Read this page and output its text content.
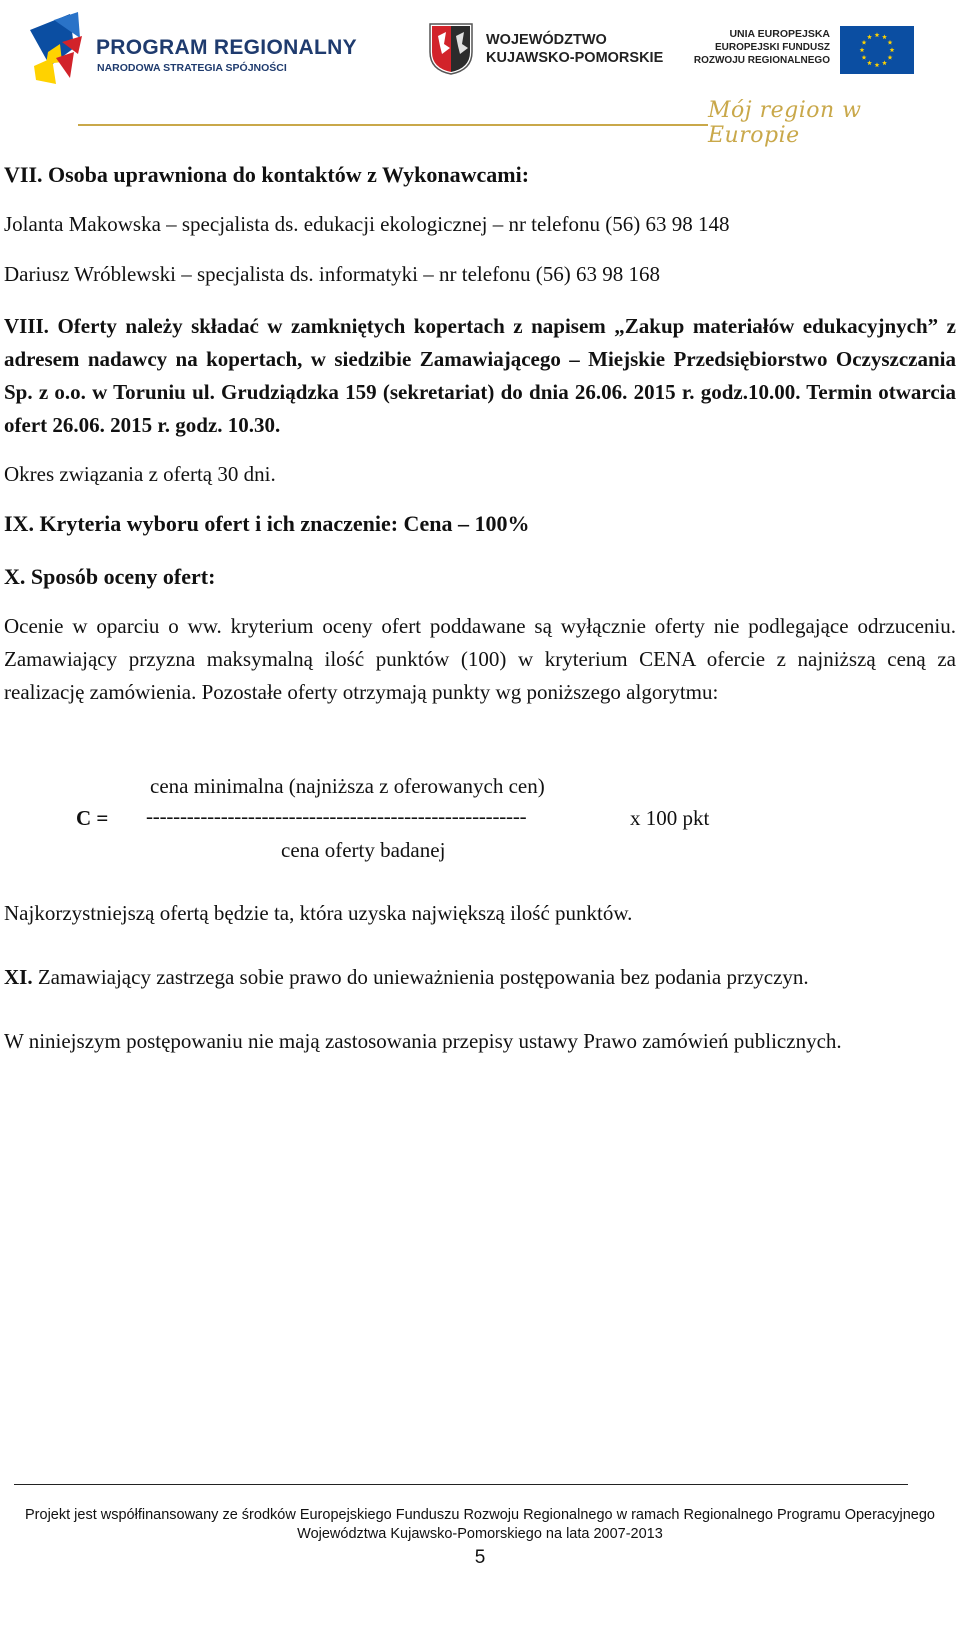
PROGRAM REGIONALNY
NARODOWA STRATEGIA SPÓJNOŚCI
WOJEWÓDZTWO
KUJAWSKO-POMORSKIE
UNIA EUROPEJSKA
EUROPEJSKI FUNDUSZ
ROZWOJU REGIONALNEGO
Mój region w Europie
VII. Osoba uprawniona do kontaktów z Wykonawcami:
Jolanta Makowska – specjalista ds. edukacji ekologicznej – nr telefonu (56) 63 98 148
Dariusz Wróblewski – specjalista ds. informatyki – nr telefonu (56) 63 98 168
VIII. Oferty należy składać w zamkniętych kopertach z napisem „Zakup materiałów edukacyjnych” z adresem nadawcy na kopertach, w siedzibie Zamawiającego – Miejskie Przedsiębiorstwo Oczyszczania Sp. z o.o. w Toruniu ul. Grudziądzka 159 (sekretariat) do dnia 26.06. 2015 r. godz.10.00. Termin otwarcia ofert 26.06. 2015 r. godz. 10.30.
Okres związania z ofertą 30 dni.
IX. Kryteria wyboru ofert i ich znaczenie: Cena – 100%
X. Sposób oceny ofert:
Ocenie w oparciu o ww. kryterium oceny ofert poddawane są wyłącznie oferty nie podlegające odrzuceniu. Zamawiający przyzna maksymalną ilość punktów (100) w kryterium CENA ofercie z najniższą ceną za realizację zamówienia. Pozostałe oferty otrzymają punkty wg poniższego algorytmu:
cena minimalna (najniższa z oferowanych cen)
C = --------------------------------------------------------	x 100 pkt
cena oferty badanej
Najkorzystniejszą ofertą będzie ta, która uzyska największą ilość punktów.
XI. Zamawiający zastrzega sobie prawo do unieważnienia postępowania bez podania przyczyn.
W niniejszym postępowaniu nie mają zastosowania przepisy ustawy Prawo zamówień publicznych.
Projekt jest współfinansowany ze środków Europejskiego Funduszu Rozwoju Regionalnego w ramach Regionalnego Programu Operacyjnego
Województwa Kujawsko-Pomorskiego na lata 2007-2013
5
